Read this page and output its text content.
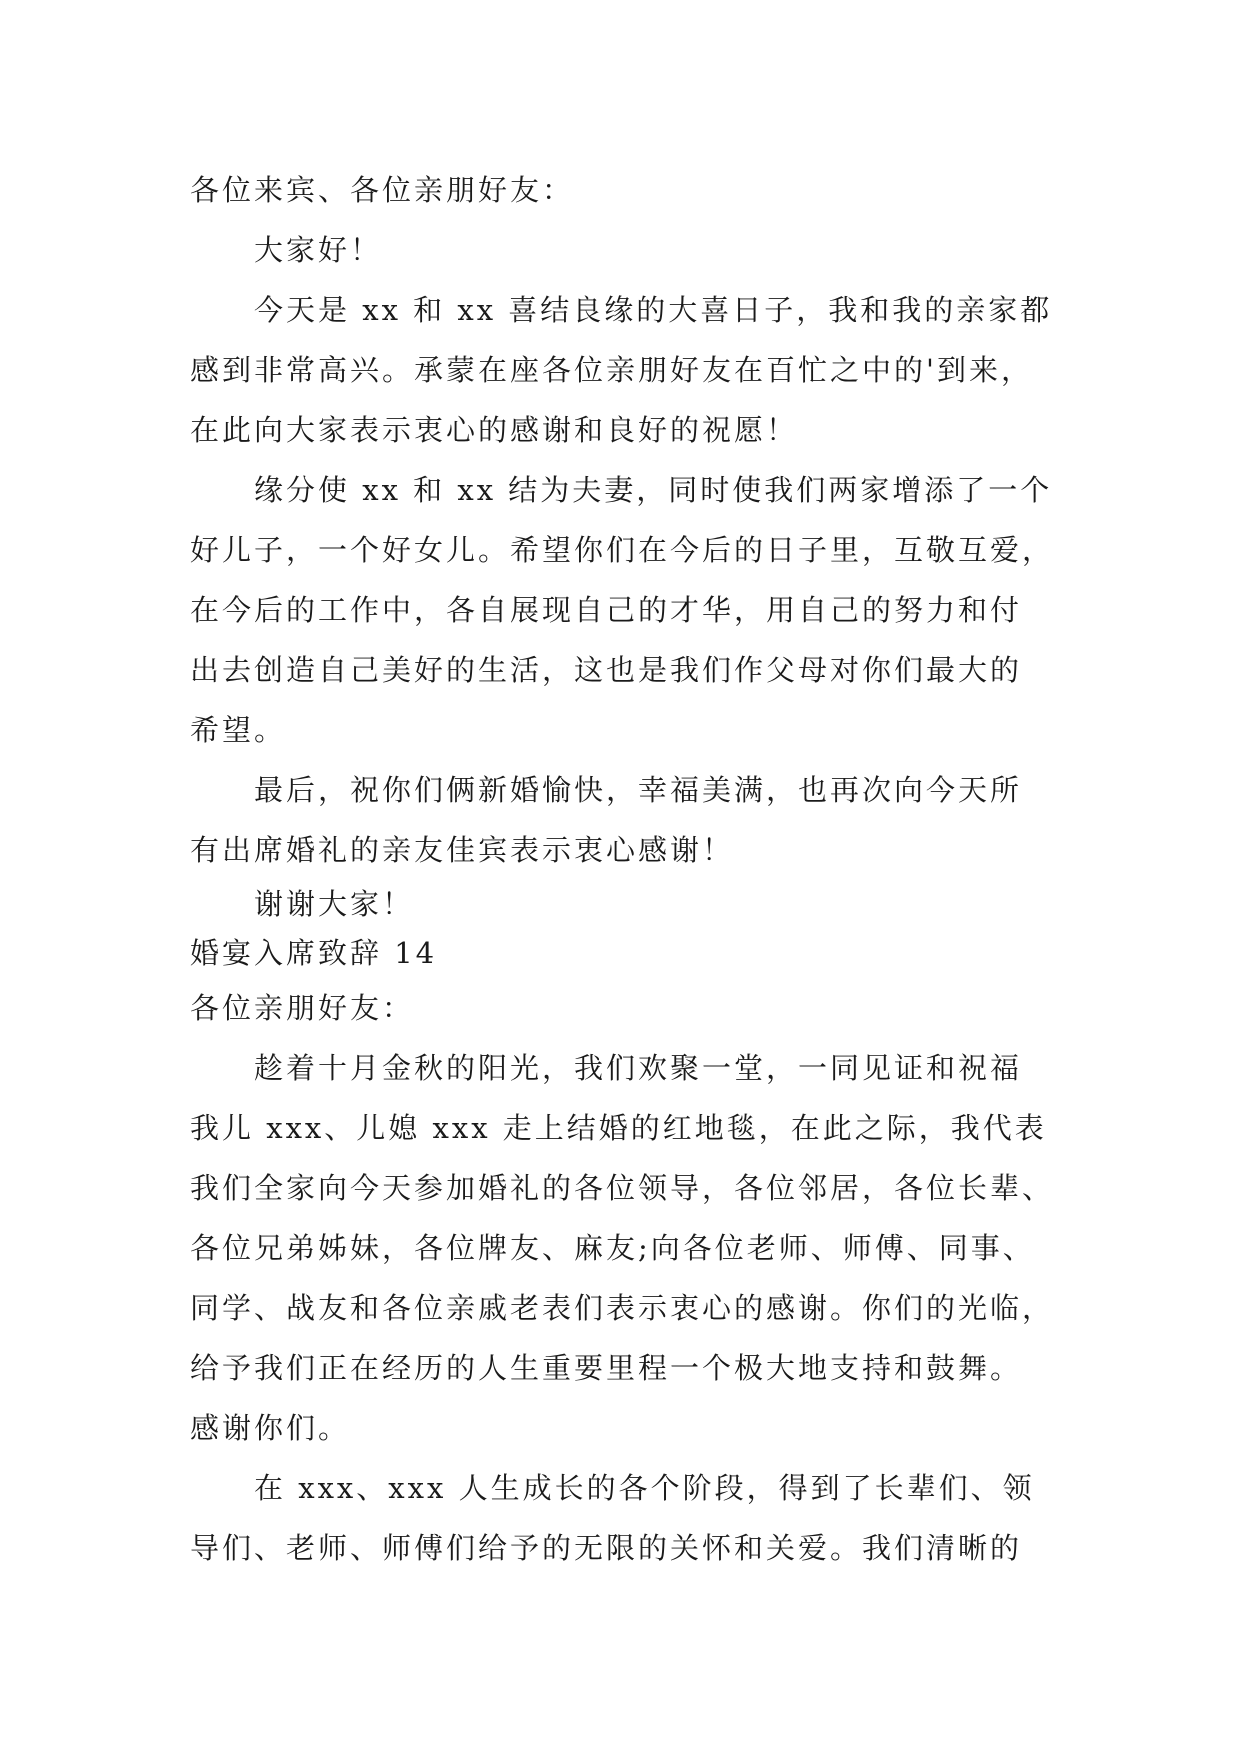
各位来宾、各位亲朋好友：
大家好！
今天是 xx 和 xx 喜结良缘的大喜日子，我和我的亲家都
感到非常高兴。承蒙在座各位亲朋好友在百忙之中的'到来，
在此向大家表示衷心的感谢和良好的祝愿！
缘分使 xx 和 xx 结为夫妻，同时使我们两家增添了一个
好儿子，一个好女儿。希望你们在今后的日子里，互敬互爱，
在今后的工作中，各自展现自己的才华，用自己的努力和付
出去创造自己美好的生活，这也是我们作父母对你们最大的
希望。
最后，祝你们俩新婚愉快，幸福美满，也再次向今天所
有出席婚礼的亲友佳宾表示衷心感谢！
谢谢大家！
婚宴入席致辞 14
各位亲朋好友：
趁着十月金秋的阳光，我们欢聚一堂，一同见证和祝福
我儿 xxx、儿媳 xxx 走上结婚的红地毯，在此之际，我代表
我们全家向今天参加婚礼的各位领导，各位邻居，各位长辈、
各位兄弟姊妹，各位牌友、麻友;向各位老师、师傅、同事、
同学、战友和各位亲戚老表们表示衷心的感谢。你们的光临，
给予我们正在经历的人生重要里程一个极大地支持和鼓舞。
感谢你们。
在 xxx、xxx 人生成长的各个阶段，得到了长辈们、领
导们、老师、师傅们给予的无限的关怀和关爱。我们清晰的
